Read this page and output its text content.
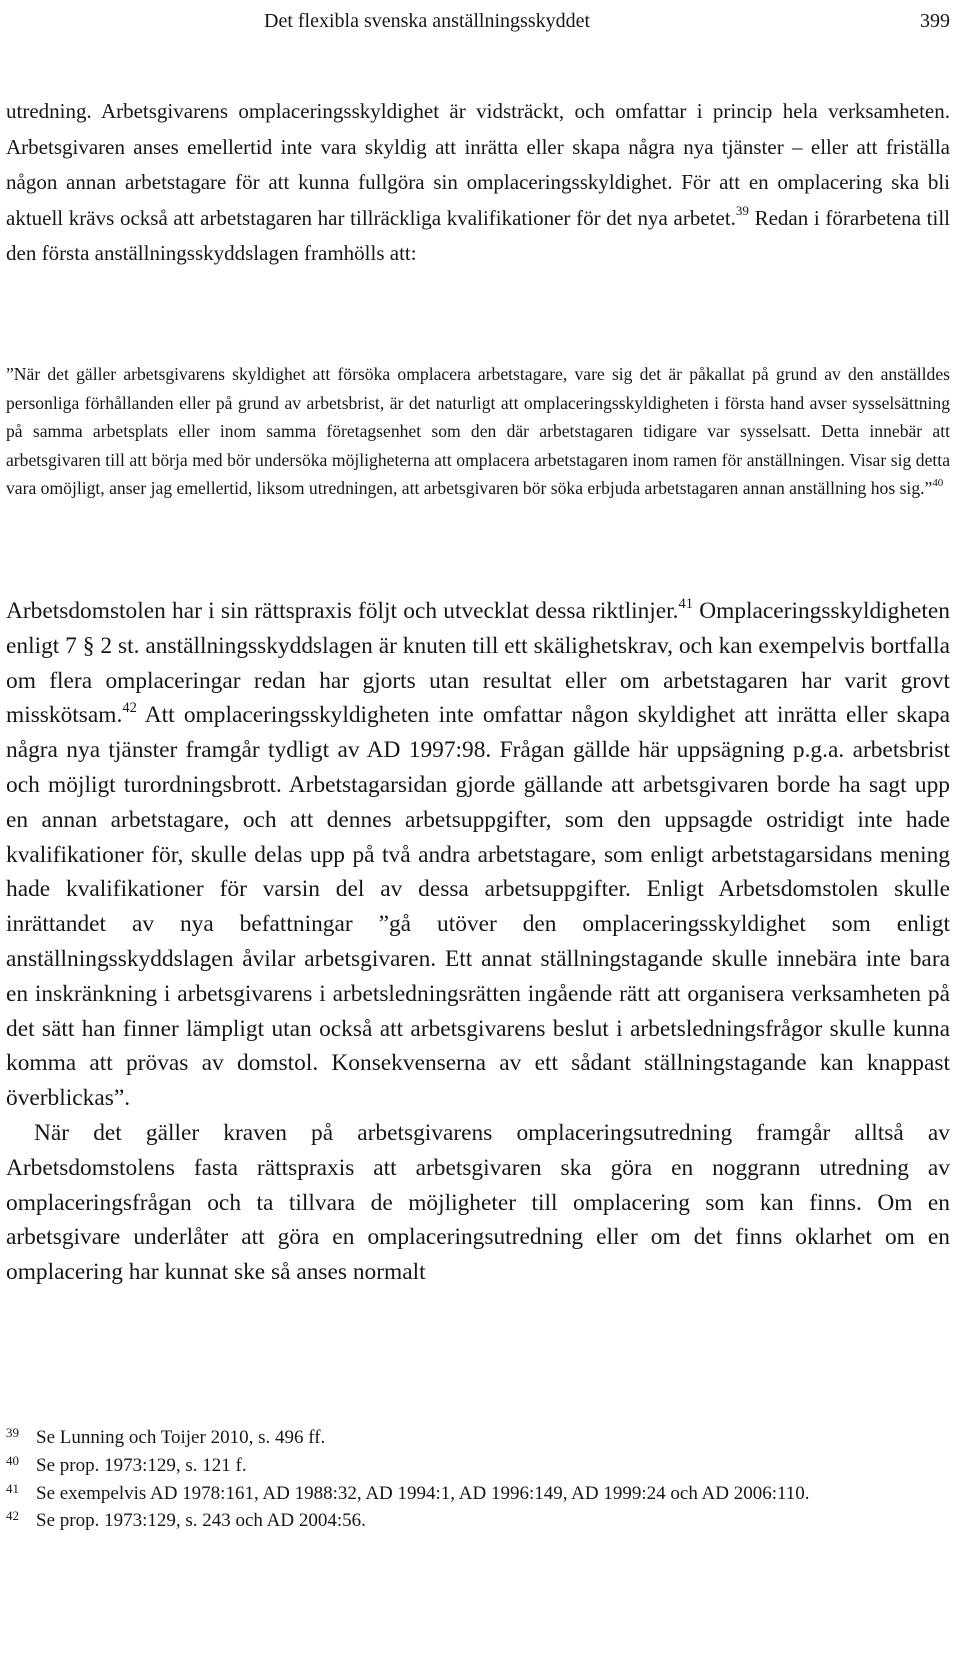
Det flexibla svenska anställningsskyddet	399

utredning. Arbetsgivarens omplaceringsskyldighet är vidsträckt, och omfattar i princip hela verksamheten. Arbetsgivaren anses emellertid inte vara skyldig att inrätta eller skapa några nya tjänster – eller att friställa någon annan arbetstagare för att kunna fullgöra sin omplaceringsskyldighet. För att en omplacering ska bli aktuell krävs också att arbetstagaren har tillräckliga kvalifikationer för det nya arbetet.$^{39}$ Redan i förarbetena till den första anställningsskyddslagen framhölls att:

”När det gäller arbetsgivarens skyldighet att försöka omplacera arbetstagare, vare sig det är påkallat på grund av den anställdes personliga förhållanden eller på grund av arbetsbrist, är det naturligt att omplaceringsskyldigheten i första hand avser sysselsättning på samma arbetsplats eller inom samma företagsenhet som den där arbetstagaren tidigare var sysselsatt. Detta innebär att arbetsgivaren till att börja med bör undersöka möjligheterna att omplacera arbetstagaren inom ramen för anställningen. Visar sig detta vara omöjligt, anser jag emellertid, liksom utredningen, att arbetsgivaren bör söka erbjuda arbetstagaren annan anställning hos sig.”$^{40}$

Arbetsdomstolen har i sin rättspraxis följt och utvecklat dessa riktlinjer.$^{41}$ Omplaceringsskyldigheten enligt 7 § 2 st. anställningsskyddslagen är knuten till ett skälighetskrav, och kan exempelvis bortfalla om flera omplaceringar redan har gjorts utan resultat eller om arbetstagaren har varit grovt misskötsam.$^{42}$ Att omplaceringsskyldigheten inte omfattar någon skyldighet att inrätta eller skapa några nya tjänster framgår tydligt av AD 1997:98. Frågan gällde här uppsägning p.g.a. arbetsbrist och möjligt turordningsbrott. Arbetstagarsidan gjorde gällande att arbetsgivaren borde ha sagt upp en annan arbetstagare, och att dennes arbetsuppgifter, som den uppsagde ostridigt inte hade kvalifikationer för, skulle delas upp på två andra arbetstagare, som enligt arbetstagarsidans mening hade kvalifikationer för varsin del av dessa arbetsuppgifter. Enligt Arbetsdomstolen skulle inrättandet av nya befattningar ”gå utöver den omplaceringsskyldighet som enligt anställningsskyddslagen åvilar arbetsgivaren. Ett annat ställningstagande skulle innebära inte bara en inskränkning i arbetsgivarens i arbetsledningsrätten ingående rätt att organisera verksamheten på det sätt han finner lämpligt utan också att arbetsgivarens beslut i arbetsledningsfrågor skulle kunna komma att prövas av domstol. Konsekvenserna av ett sådant ställningstagande kan knappast överblickas”.

När det gäller kraven på arbetsgivarens omplaceringsutredning framgår alltså av Arbetsdomstolens fasta rättspraxis att arbetsgivaren ska göra en noggrann utredning av omplaceringsfrågan och ta tillvara de möjligheter till omplacering som kan finns. Om en arbetsgivare underlåter att göra en omplaceringsutredning eller om det finns oklarhet om en omplacering har kunnat ske så anses normalt

39 Se Lunning och Toijer 2010, s. 496 ff.
40 Se prop. 1973:129, s. 121 f.
41 Se exempelvis AD 1978:161, AD 1988:32, AD 1994:1, AD 1996:149, AD 1999:24 och AD 2006:110.
42 Se prop. 1973:129, s. 243 och AD 2004:56.
